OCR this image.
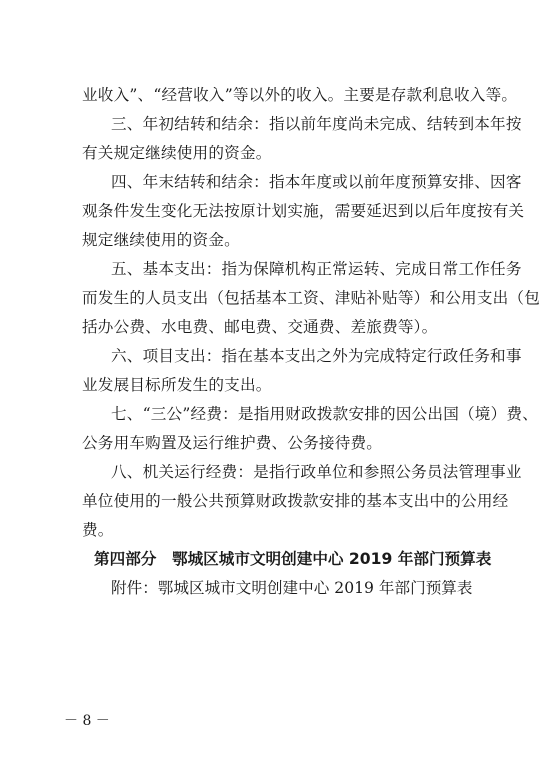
业收入”、“经营收入”等以外的收入。主要是存款利息收入等。
三、年初结转和结余：指以前年度尚未完成、结转到本年按
有关规定继续使用的资金。
四、年末结转和结余：指本年度或以前年度预算安排、因客
观条件发生变化无法按原计划实施，需要延迟到以后年度按有关
规定继续使用的资金。
五、基本支出：指为保障机构正常运转、完成日常工作任务
而发生的人员支出（包括基本工资、津贴补贴等）和公用支出（包
括办公费、水电费、邮电费、交通费、差旅费等）。
六、项目支出：指在基本支出之外为完成特定行政任务和事
业发展目标所发生的支出。
七、“三公”经费：是指用财政拨款安排的因公出国（境）费、
公务用车购置及运行维护费、公务接待费。
八、机关运行经费：是指行政单位和参照公务员法管理事业
单位使用的一般公共预算财政拨款安排的基本支出中的公用经
费。
第四部分　鄂城区城市文明创建中心 2019 年部门预算表
附件：鄂城区城市文明创建中心 2019 年部门预算表
－ 8 －
